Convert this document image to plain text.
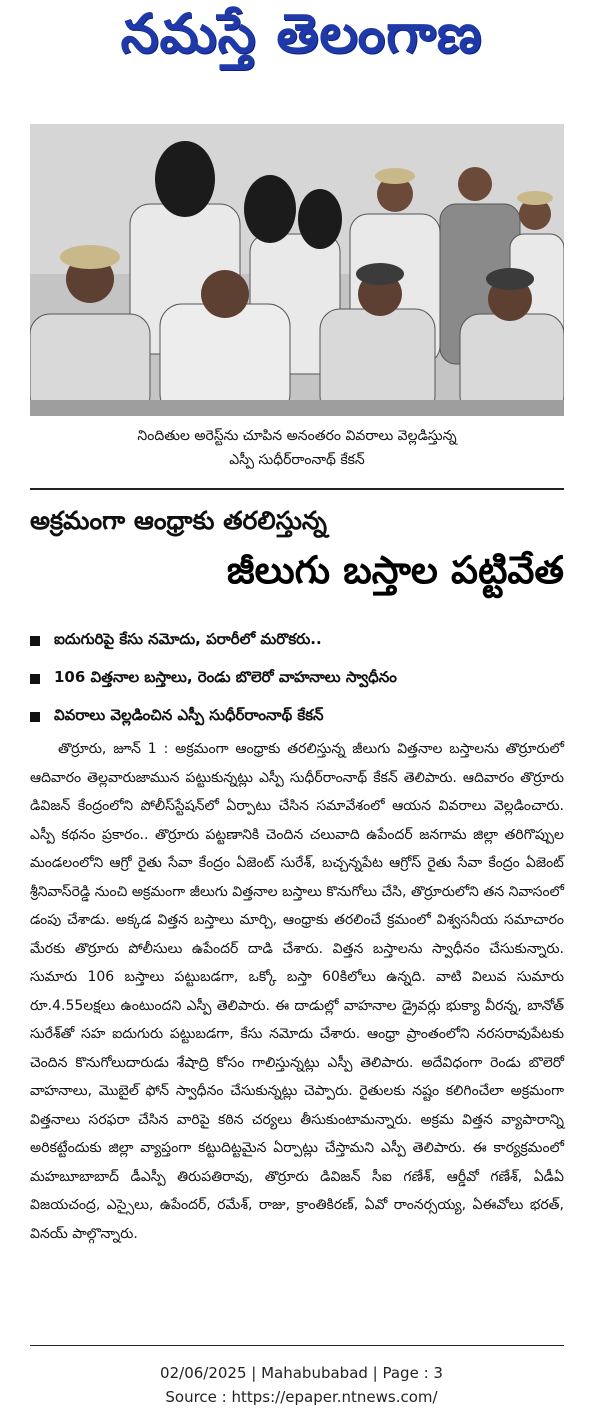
నమస్తే తెలంగాణ
నిందితుల అరెస్ట్‌ను చూపిన అనంతరం వివరాలు వెల్లడిస్తున్న
ఎస్పీ సుధీర్‌రాంనాథ్ కేకన్
అక్రమంగా ఆంధ్రాకు తరలిస్తున్న
జీలుగు బస్తాల పట్టివేత
ఐదుగురిపై కేసు నమోదు, పరారీలో మరొకరు..
106 విత్తనాల బస్తాలు, రెండు బొలెరో వాహనాలు స్వాధీనం
వివరాలు వెల్లడించిన ఎస్పీ సుధీర్‌రాంనాథ్ కేకన్

తొర్రూరు, జూన్ 1 : అక్రమంగా ఆంధ్రాకు తరలిస్తున్న జీలుగు విత్తనాల బస్తాలను తొర్రూరులో ఆదివారం తెల్లవారుజామున పట్టుకున్నట్లు ఎస్పీ సుధీర్‌రాంనాథ్ కేకన్ తెలిపారు. ఆదివారం తొర్రూరు డివిజన్ కేంద్రంలోని పోలీస్‌స్టేషన్‌లో ఏర్పాటు చేసిన సమావేశంలో ఆయన వివరాలు వెల్లడించారు. ఎస్పీ కథనం ప్రకారం.. తొర్రూరు పట్టణానికి చెందిన చలువాది ఉపేందర్ జనగామ జిల్లా తరిగొప్పుల మండలంలోని ఆగ్రో రైతు సేవా కేంద్రం ఏజెంట్ సురేశ్, బచ్చన్నపేట ఆగ్రోస్ రైతు సేవా కేంద్రం ఏజెంట్ శ్రీనివాస్‌రెడ్డి నుంచి అక్రమంగా జీలుగు విత్తనాల బస్తాలు కొనుగోలు చేసి, తొర్రూరులోని తన నివాసంలో డంపు చేశాడు. అక్కడ విత్తన బస్తాలు మార్చి, ఆంధ్రాకు తరలించే క్రమంలో విశ్వసనీయ సమాచారం మేరకు తొర్రూరు పోలీసులు ఉపేందర్ దాడి చేశారు. విత్తన బస్తాలను స్వాధీనం చేసుకున్నారు. సుమారు 106 బస్తాలు పట్టుబడగా, ఒక్కో బస్తా 60కిలోలు ఉన్నది. వాటి విలువ సుమారు రూ.4.55లక్షలు ఉంటుందని ఎస్పీ తెలిపారు. ఈ దాడుల్లో వాహనాల డ్రైవర్లు భుక్యా వీరన్న, బానోత్ సురేశ్‌తో సహ ఐదుగురు పట్టుబడగా, కేసు నమోదు చేశారు. ఆంధ్రా ప్రాంతంలోని నరసరావుపేటకు చెందిన కొనుగోలుదారుడు శేషాద్రి కోసం గాలిస్తున్నట్లు ఎస్పీ తెలిపారు. అదేవిధంగా రెండు బొలెరో వాహనాలు, మొబైల్ ఫోన్ స్వాధీనం చేసుకున్నట్లు చెప్పారు. రైతులకు నష్టం కలిగించేలా అక్రమంగా విత్తనాలు సరఫరా చేసిన వారిపై కఠిన చర్యలు తీసుకుంటామన్నారు. అక్రమ విత్తన వ్యాపారాన్ని అరికట్టేందుకు జిల్లా వ్యాప్తంగా కట్టుదిట్టమైన ఏర్పాట్లు చేస్తామని ఎస్పీ తెలిపారు. ఈ కార్యక్రమంలో మహబూబాబాద్ డీఎస్పీ తిరుపతిరావు, తొర్రూరు డివిజన్ సీఐ గణేశ్, ఆర్డీవో గణేశ్, ఏడీఏ విజయచంద్ర, ఎస్సైలు, ఉపేందర్, రమేశ్, రాజు, క్రాంతికిరణ్, ఏవో రాంనర్సయ్య, ఏఈవోలు భరత్, వినయ్ పాల్గొన్నారు.

02/06/2025 | Mahabubabad | Page : 3
Source : https://epaper.ntnews.com/
